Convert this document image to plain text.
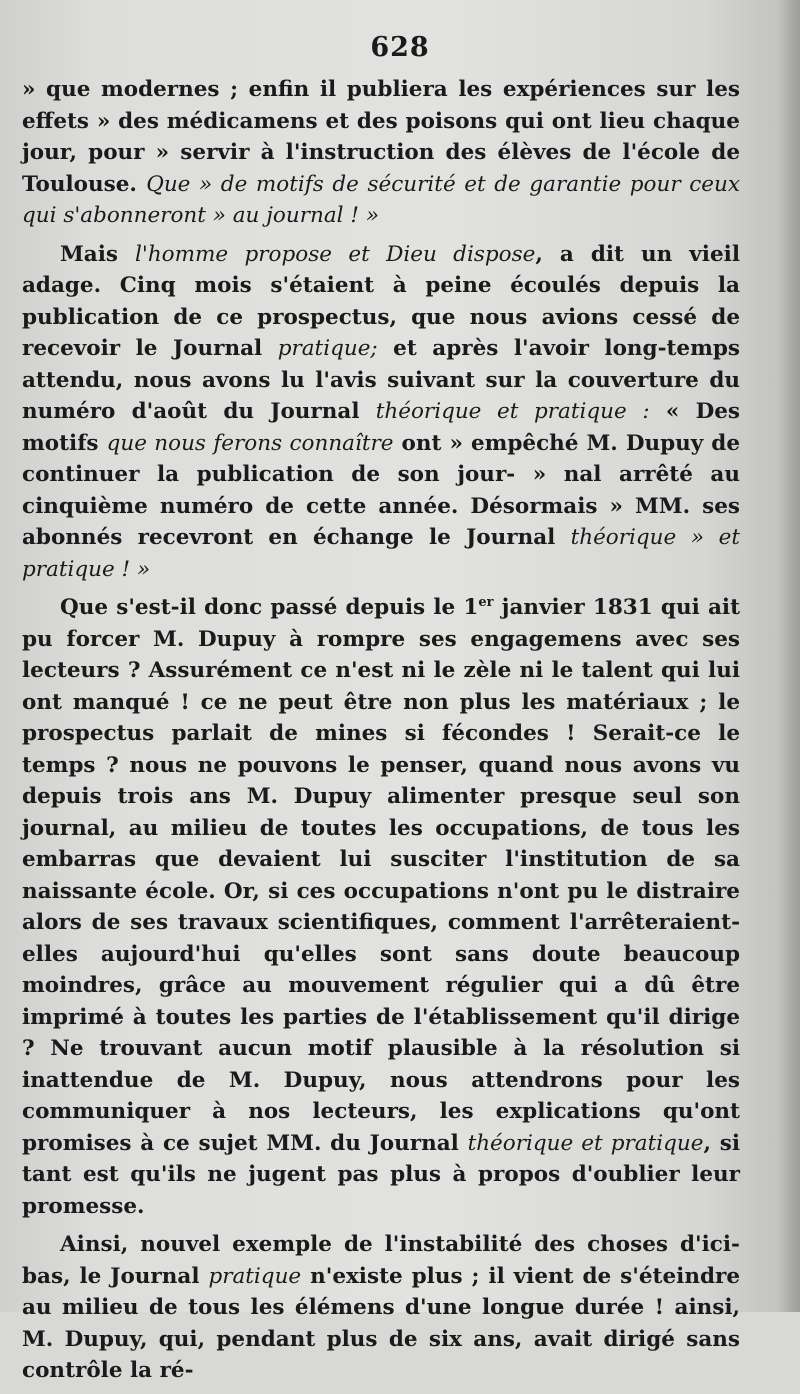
628

» que modernes ; enfin il publiera les expériences sur les effets » des médicamens et des poisons qui ont lieu chaque jour, pour » servir à l'instruction des élèves de l'école de Toulouse. Que » de motifs de sécurité et de garantie pour ceux qui s'abonneront » au journal ! »

Mais l'homme propose et Dieu dispose, a dit un vieil adage. Cinq mois s'étaient à peine écoulés depuis la publication de ce prospectus, que nous avions cessé de recevoir le Journal pratique; et après l'avoir long-temps attendu, nous avons lu l'avis suivant sur la couverture du numéro d'août du Journal théorique et pratique : « Des motifs que nous ferons connaître ont » empêché M. Dupuy de continuer la publication de son jour- » nal arrêté au cinquième numéro de cette année. Désormais » MM. ses abonnés recevront en échange le Journal théorique » et pratique ! »

Que s'est-il donc passé depuis le 1er janvier 1831 qui ait pu forcer M. Dupuy à rompre ses engagemens avec ses lecteurs ? Assurément ce n'est ni le zèle ni le talent qui lui ont manqué ! ce ne peut être non plus les matériaux ; le prospectus parlait de mines si fécondes ! Serait-ce le temps ? nous ne pouvons le penser, quand nous avons vu depuis trois ans M. Dupuy alimenter presque seul son journal, au milieu de toutes les occupations, de tous les embarras que devaient lui susciter l'institution de sa naissante école. Or, si ces occupations n'ont pu le distraire alors de ses travaux scientifiques, comment l'arrêteraient-elles aujourd'hui qu'elles sont sans doute beaucoup moindres, grâce au mouvement régulier qui a dû être imprimé à toutes les parties de l'établissement qu'il dirige ? Ne trouvant aucun motif plausible à la résolution si inattendue de M. Dupuy, nous attendrons pour les communiquer à nos lecteurs, les explications qu'ont promises à ce sujet MM. du Journal théorique et pratique, si tant est qu'ils ne jugent pas plus à propos d'oublier leur promesse.

Ainsi, nouvel exemple de l'instabilité des choses d'ici-bas, le Journal pratique n'existe plus ; il vient de s'éteindre au milieu de tous les élémens d'une longue durée ! ainsi, M. Dupuy, qui, pendant plus de six ans, avait dirigé sans contrôle la ré-
